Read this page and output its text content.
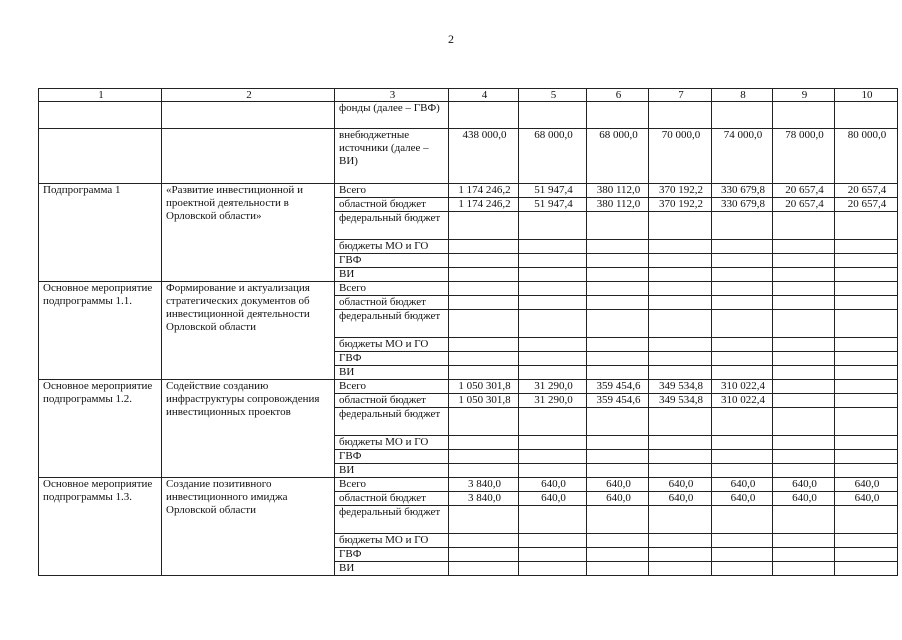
2
1	2	3	4	5	6	7	8	9	10
		фонды (далее – ГВФ)							
		внебюджетные источники (далее – ВИ)	438 000,0	68 000,0	68 000,0	70 000,0	74 000,0	78 000,0	80 000,0
Подпрограмма 1	«Развитие инвестиционной и проектной деятельности в Орловской области»	Всего	1 174 246,2	51 947,4	380 112,0	370 192,2	330 679,8	20 657,4	20 657,4
		областной бюджет	1 174 246,2	51 947,4	380 112,0	370 192,2	330 679,8	20 657,4	20 657,4
		федеральный бюджет							
		бюджеты МО и ГО							
		ГВФ							
		ВИ							
Основное мероприятие подпрограммы 1.1.	Формирование и актуализация стратегических документов об инвестиционной деятельности Орловской области	Всего							
		областной бюджет							
		федеральный бюджет							
		бюджеты МО и ГО							
		ГВФ							
		ВИ							
Основное мероприятие подпрограммы 1.2.	Содействие созданию инфраструктуры сопровождения инвестиционных проектов	Всего	1 050 301,8	31 290,0	359 454,6	349 534,8	310 022,4		
		областной бюджет	1 050 301,8	31 290,0	359 454,6	349 534,8	310 022,4		
		федеральный бюджет							
		бюджеты МО и ГО							
		ГВФ							
		ВИ							
Основное мероприятие подпрограммы 1.3.	Создание позитивного инвестиционного имиджа Орловской области	Всего	3 840,0	640,0	640,0	640,0	640,0	640,0	640,0
		областной бюджет	3 840,0	640,0	640,0	640,0	640,0	640,0	640,0
		федеральный бюджет							
		бюджеты МО и ГО							
		ГВФ							
		ВИ							
